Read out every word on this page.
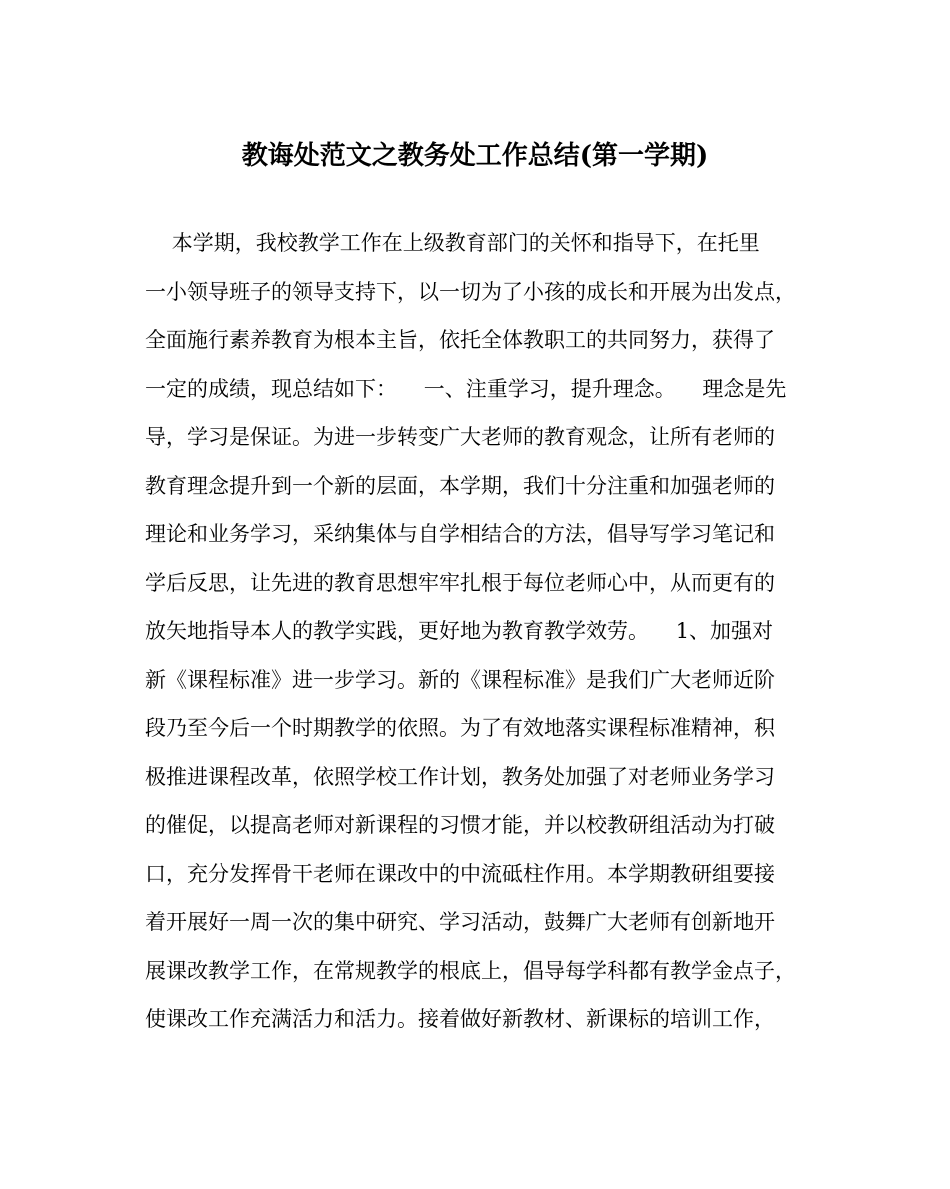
教诲处范文之教务处工作总结(第一学期)
本学期，我校教学工作在上级教育部门的关怀和指导下，在托里
一小领导班子的领导支持下，以一切为了小孩的成长和开展为出发点，
全面施行素养教育为根本主旨，依托全体教职工的共同努力，获得了
一定的成绩，现总结如下：    一、注重学习，提升理念。    理念是先
导，学习是保证。为进一步转变广大老师的教育观念，让所有老师的
教育理念提升到一个新的层面，本学期，我们十分注重和加强老师的
理论和业务学习，采纳集体与自学相结合的方法，倡导写学习笔记和
学后反思，让先进的教育思想牢牢扎根于每位老师心中，从而更有的
放矢地指导本人的教学实践，更好地为教育教学效劳。    1、加强对
新《课程标准》进一步学习。新的《课程标准》是我们广大老师近阶
段乃至今后一个时期教学的依照。为了有效地落实课程标准精神，积
极推进课程改革，依照学校工作计划，教务处加强了对老师业务学习
的催促，以提高老师对新课程的习惯才能，并以校教研组活动为打破
口，充分发挥骨干老师在课改中的中流砥柱作用。本学期教研组要接
着开展好一周一次的集中研究、学习活动，鼓舞广大老师有创新地开
展课改教学工作，在常规教学的根底上，倡导每学科都有教学金点子，
使课改工作充满活力和活力。接着做好新教材、新课标的培训工作，
